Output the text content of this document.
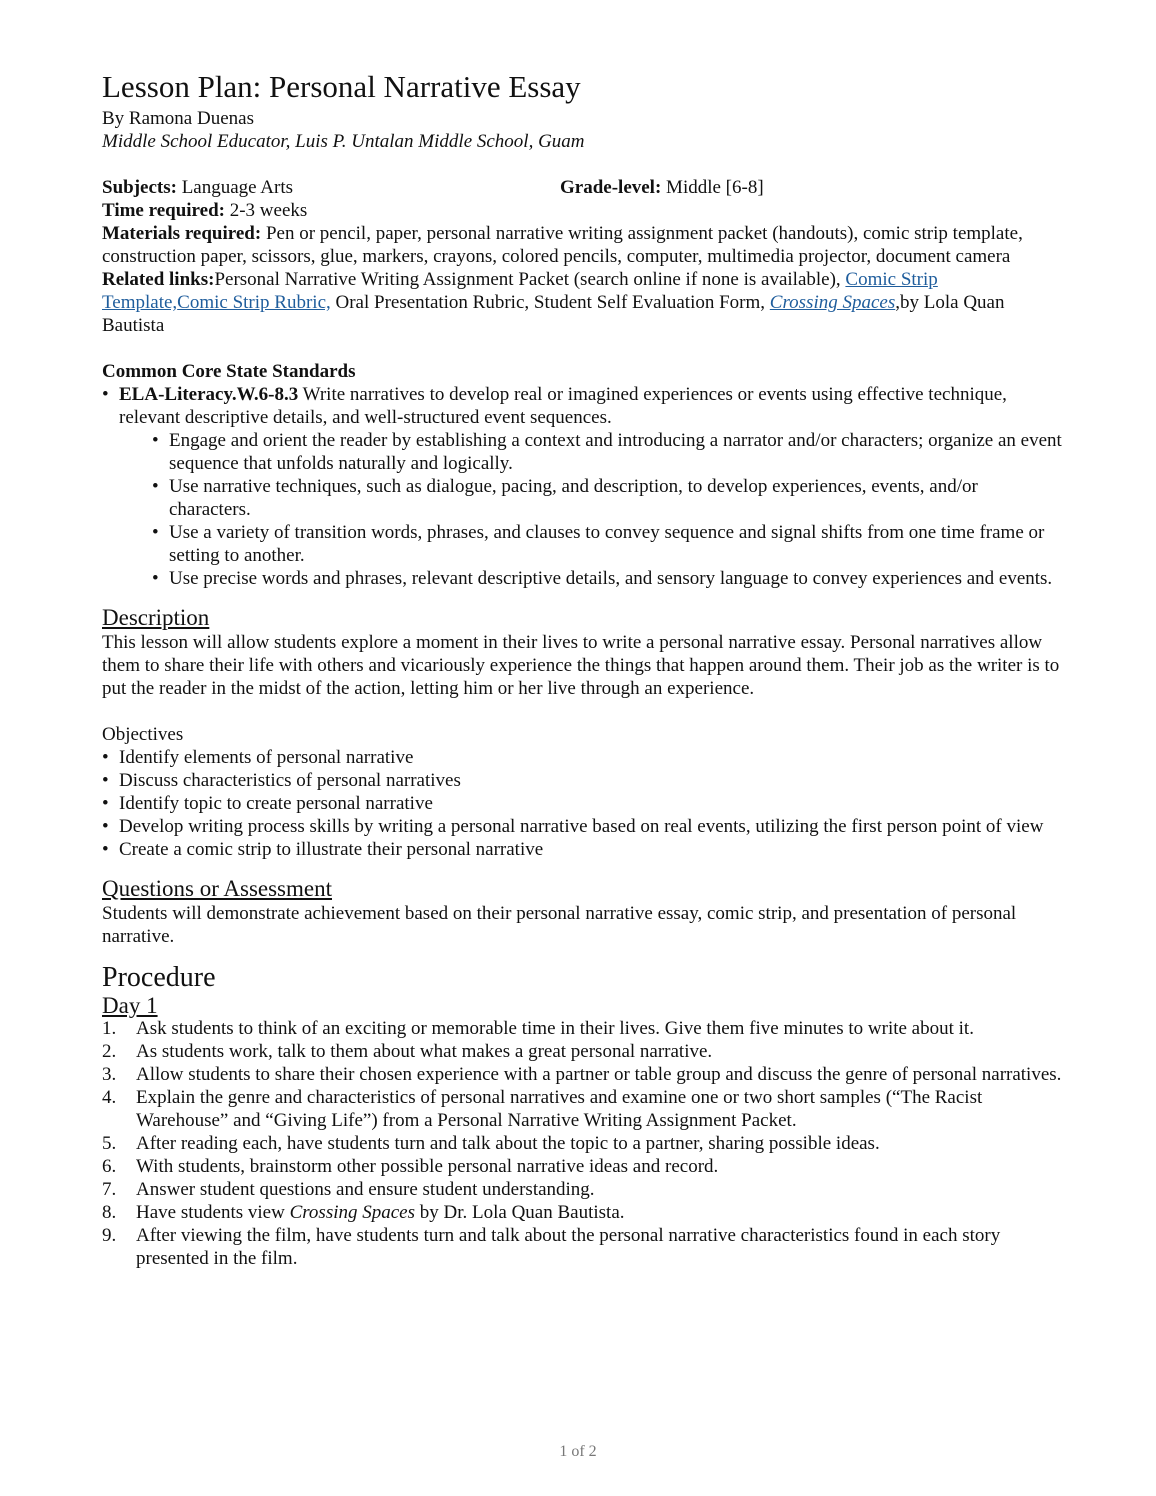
Lesson Plan: Personal Narrative Essay

By Ramona Duenas

Middle School Educator, Luis P. Untalan Middle School, Guam

Subjects: Language Arts	Grade-level: Middle [6-8]
Time required: 2-3 weeks
Materials required: Pen or pencil, paper, personal narrative writing assignment packet (handouts), comic strip template, construction paper, scissors, glue, markers, crayons, colored pencils, computer, multimedia projector, document camera
Related links:Personal Narrative Writing Assignment Packet (search online if none is available), Comic Strip Template,Comic Strip Rubric, Oral Presentation Rubric, Student Self Evaluation Form, Crossing Spaces,by Lola Quan Bautista
Common Core State Standards
• ELA-Literacy.W.6-8.3 Write narratives to develop real or imagined experiences or events using effective technique, relevant descriptive details, and well-structured event sequences.
• Engage and orient the reader by establishing a context and introducing a narrator and/or characters; organize an event sequence that unfolds naturally and logically.
• Use narrative techniques, such as dialogue, pacing, and description, to develop experiences, events, and/or characters.
• Use a variety of transition words, phrases, and clauses to convey sequence and signal shifts from one time frame or setting to another.
• Use precise words and phrases, relevant descriptive details, and sensory language to convey experiences and events.
Description
This lesson will allow students explore a moment in their lives to write a personal narrative essay. Personal narratives allow them to share their life with others and vicariously experience the things that happen around them. Their job as the writer is to put the reader in the midst of the action, letting him or her live through an experience.
Objectives
• Identify elements of personal narrative
• Discuss characteristics of personal narratives
• Identify topic to create personal narrative
• Develop writing process skills by writing a personal narrative based on real events, utilizing the first person point of view
• Create a comic strip to illustrate their personal narrative
Questions or Assessment
Students will demonstrate achievement based on their personal narrative essay, comic strip, and presentation of personal narrative.
Procedure
Day 1
1. Ask students to think of an exciting or memorable time in their lives. Give them five minutes to write about it.
2. As students work, talk to them about what makes a great personal narrative.
3. Allow students to share their chosen experience with a partner or table group and discuss the genre of personal narratives.
4. Explain the genre and characteristics of personal narratives and examine one or two short samples (“The Racist Warehouse” and “Giving Life”) from a Personal Narrative Writing Assignment Packet.
5. After reading each, have students turn and talk about the topic to a partner, sharing possible ideas.
6. With students, brainstorm other possible personal narrative ideas and record.
7. Answer student questions and ensure student understanding.
8. Have students view Crossing Spaces by Dr. Lola Quan Bautista.
9. After viewing the film, have students turn and talk about the personal narrative characteristics found in each story presented in the film.
1 of 2
